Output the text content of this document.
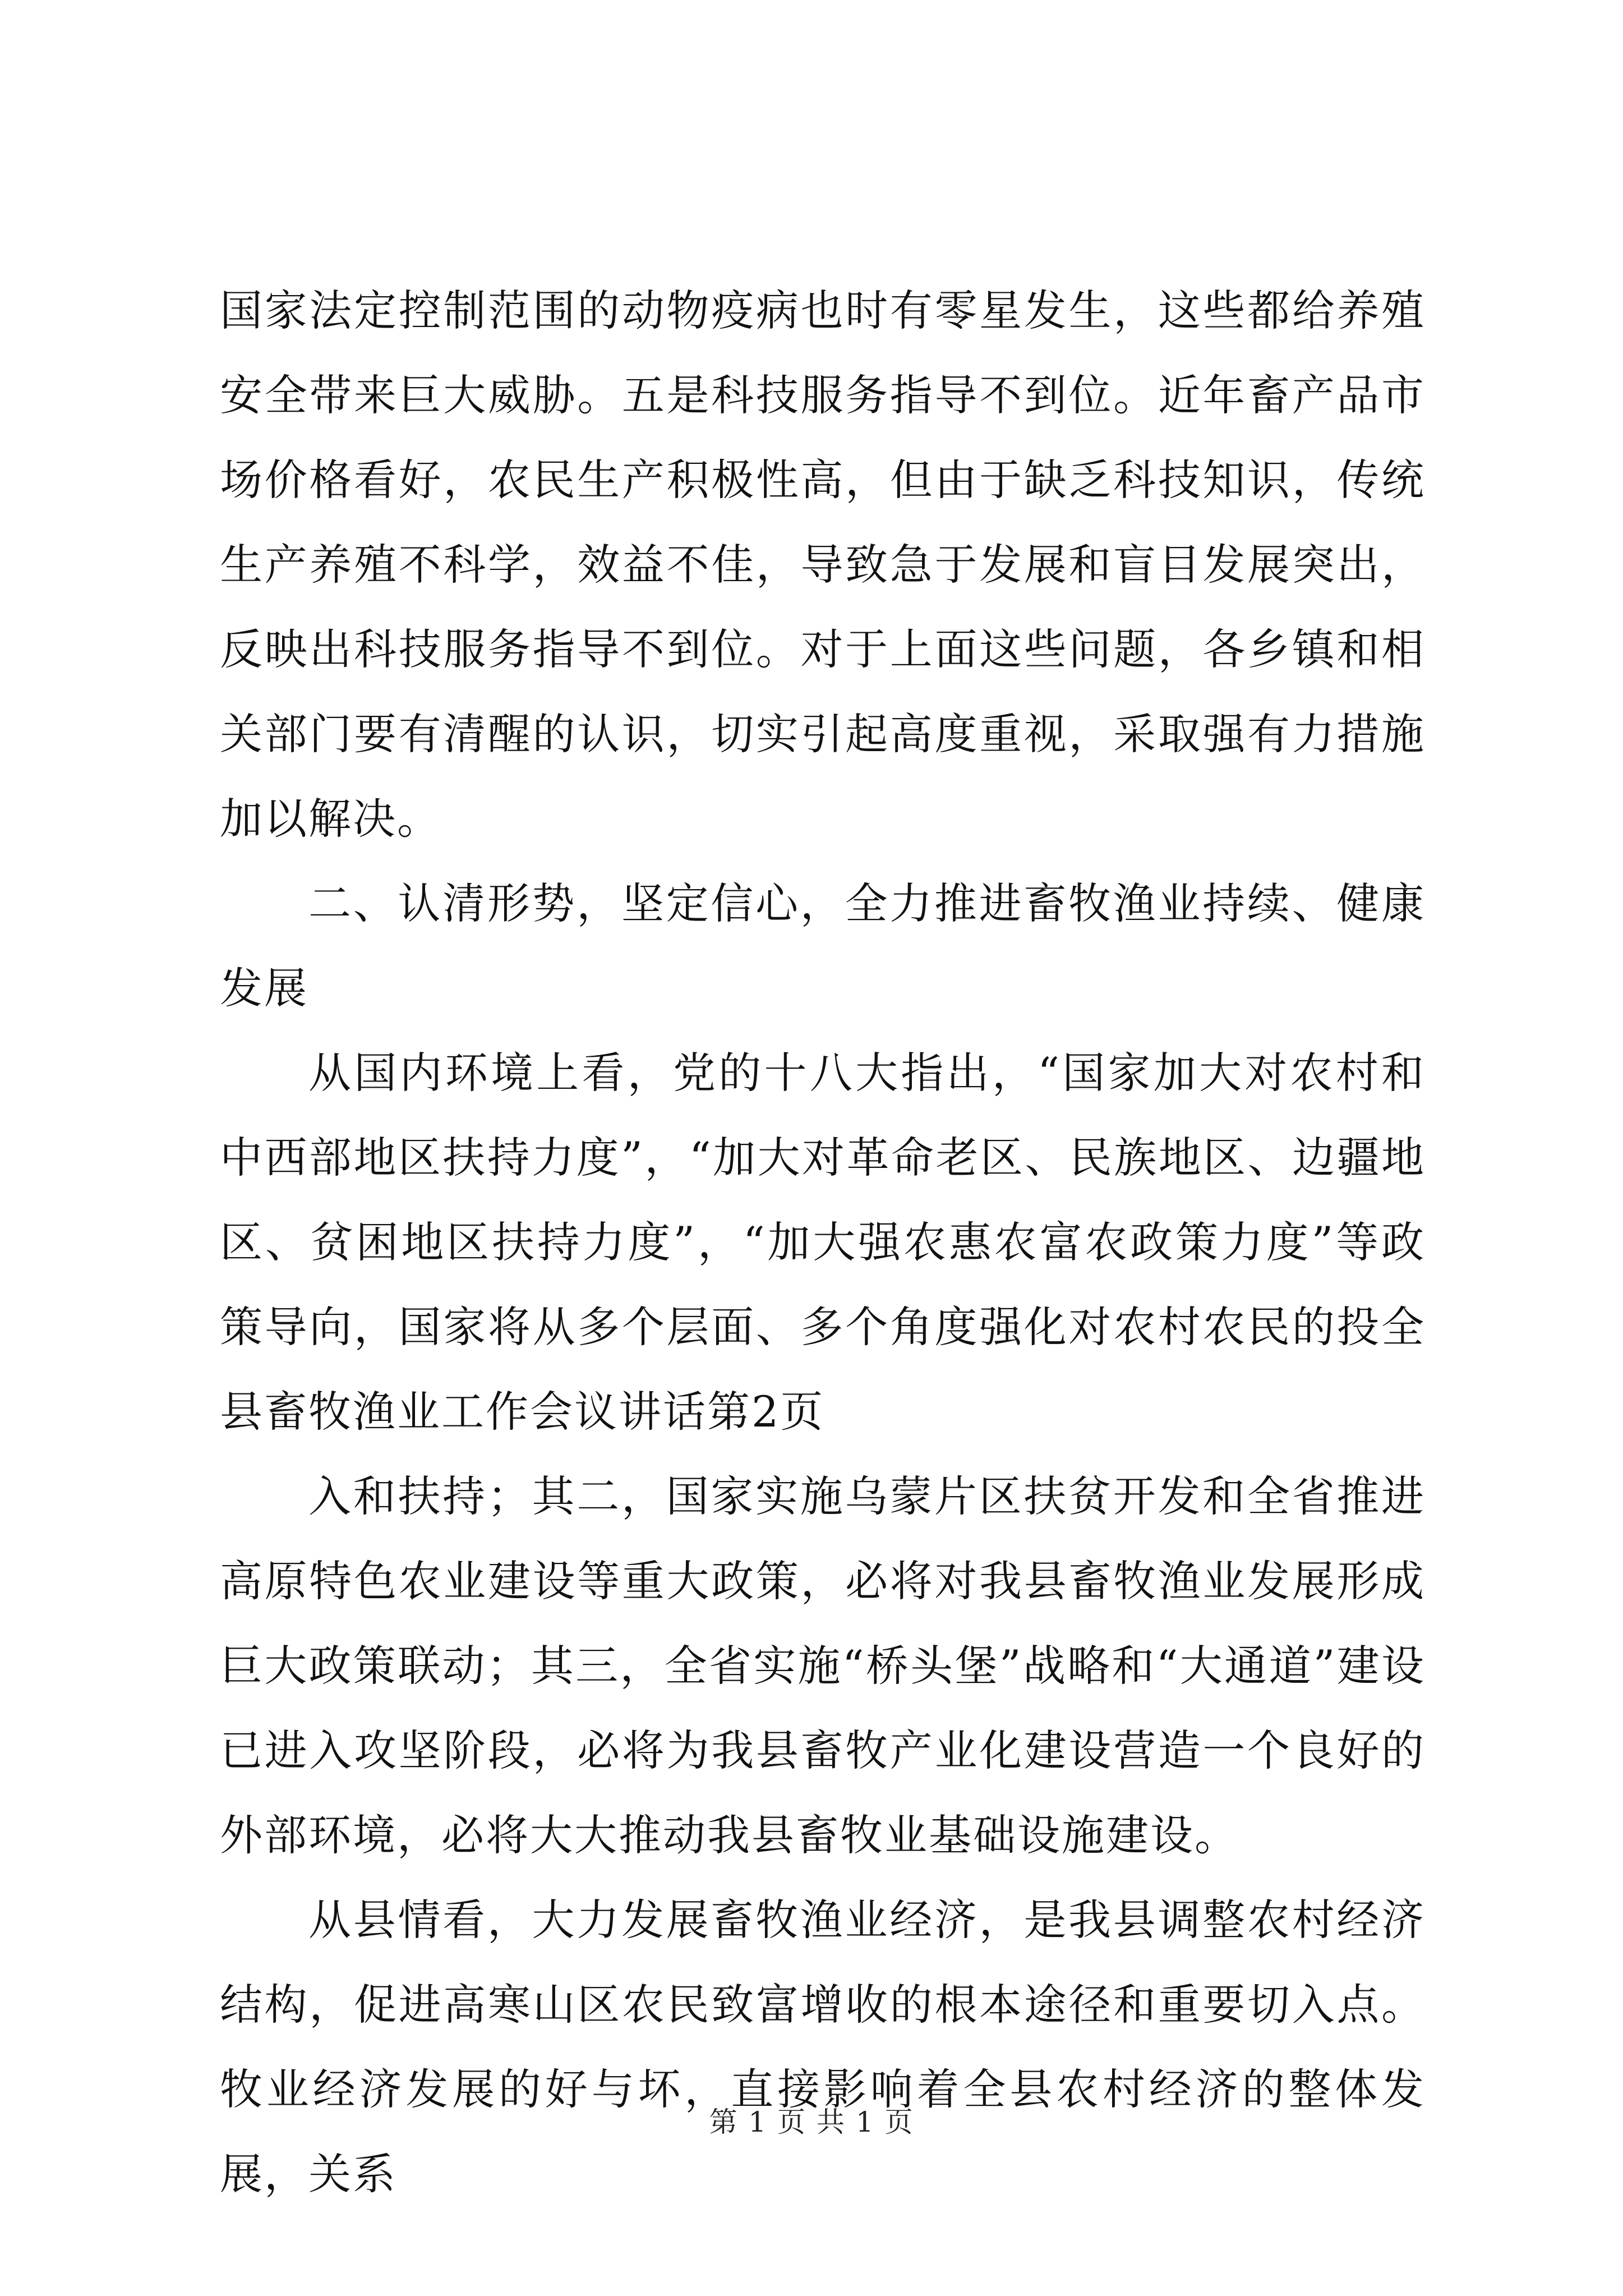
国家法定控制范围的动物疫病也时有零星发生，这些都给养殖安全带来巨大威胁。五是科技服务指导不到位。近年畜产品市场价格看好，农民生产积极性高，但由于缺乏科技知识，传统生产养殖不科学，效益不佳，导致急于发展和盲目发展突出，反映出科技服务指导不到位。对于上面这些问题，各乡镇和相关部门要有清醒的认识，切实引起高度重视，采取强有力措施加以解决。

二、认清形势，坚定信心，全力推进畜牧渔业持续、健康发展

从国内环境上看，党的十八大指出，“国家加大对农村和中西部地区扶持力度”，“加大对革命老区、民族地区、边疆地区、贫困地区扶持力度”，“加大强农惠农富农政策力度”等政策导向，国家将从多个层面、多个角度强化对农村农民的投全县畜牧渔业工作会议讲话第2页

入和扶持；其二，国家实施乌蒙片区扶贫开发和全省推进高原特色农业建设等重大政策，必将对我县畜牧渔业发展形成巨大政策联动；其三，全省实施“桥头堡”战略和“大通道”建设已进入攻坚阶段，必将为我县畜牧产业化建设营造一个良好的外部环境，必将大大推动我县畜牧业基础设施建设。

从县情看，大力发展畜牧渔业经济，是我县调整农村经济结构，促进高寒山区农民致富增收的根本途径和重要切入点。牧业经济发展的好与坏，直接影响着全县农村经济的整体发展，关系

第 1 页 共 1 页
